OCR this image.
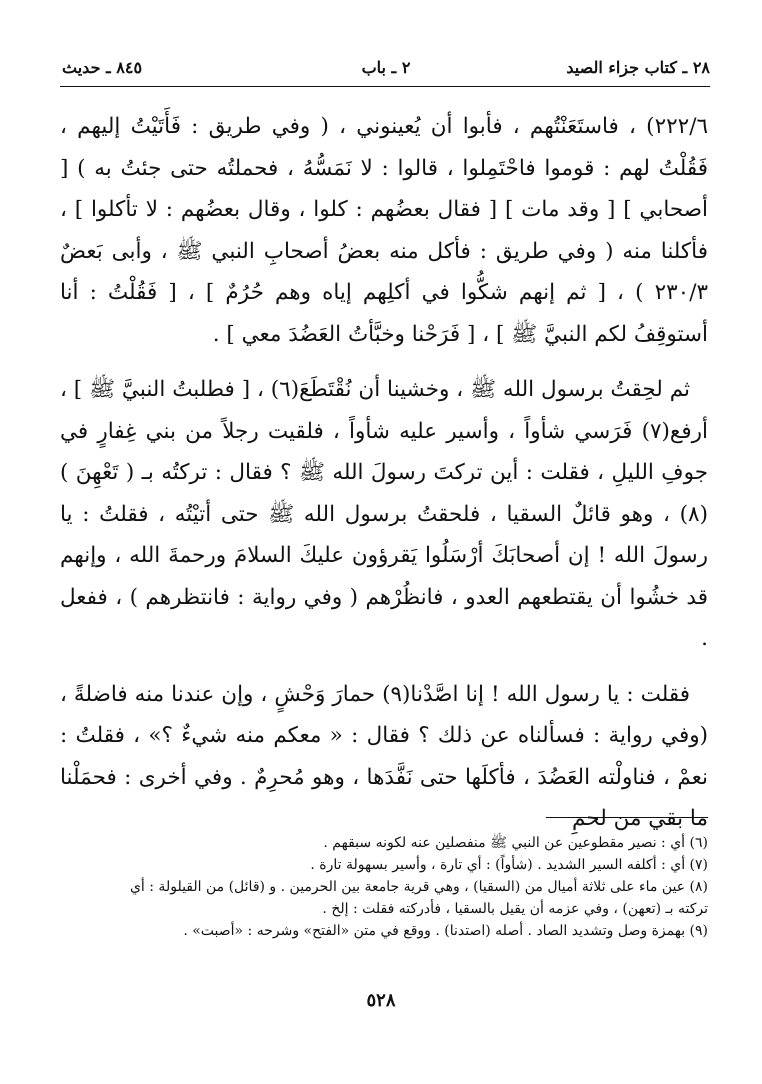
٢٨ ـ كتاب جزاء الصيد
٢ ـ باب
٨٤٥ ـ حديث

٢٢٢/٦) ، فاستَعَنْتُهم ، فأبوا أن يُعينوني ، ( وفي طريق : فَأَتَيْتُ إليهم ، فَقُلْتُ لهم : قوموا فاحْتَمِلوا ، قالوا : لا نَمَسُّهُ ، فحملتُه حتى جئتُ به ) [ أصحابي ] [ وقد مات ] [ فقال بعضُهم : كلوا ، وقال بعضُهم : لا تأكلوا ] ، فأكلنا منه ( وفي طريق : فأكل منه بعضُ أصحابِ النبي ﷺ ، وأبى بَعضٌ ٢٣٠/٣ ) ، [ ثم إنهم شكُّوا في أكلِهم إياه وهم حُرُمٌ ] ، [ فَقُلْتُ : أنا أستوقِفُ لكم النبيَّ ﷺ ] ، [ فَرَحْنا وخبَّأتُ العَضُدَ معي ] .

ثم لحِقتُ برسول الله ﷺ ، وخشينا أن نُقْتَطَعَ(٦) ، [ فطلبتُ النبيَّ ﷺ ] ، أرفع(٧) فَرَسي شأواً ، وأسير عليه شأواً ، فلقيت رجلاً من بني غِفارٍ في جوفِ الليلِ ، فقلت : أين تركتَ رسولَ الله ﷺ ؟ فقال : تركتُه بـ ( تَعْهِنَ )(٨) ، وهو قائلٌ السقيا ، فلحقتُ برسول الله ﷺ حتى أتيْتُه ، فقلتُ : يا رسولَ الله ! إن أصحابَكَ أرْسَلُوا يَقرؤون عليكَ السلامَ ورحمةَ الله ، وإنهم قد خشُوا أن يقتطعهم العدو ، فانظُرْهم ( وفي رواية : فانتظرهم ) ، ففعل .

فقلت : يا رسول الله ! إنا اصَّدْنا(٩) حمارَ وَحْشٍ ، وإن عندنا منه فاضلةً ، (وفي رواية : فسألناه عن ذلك ؟ فقال : « معكم منه شيءٌ ؟» ، فقلتُ : نعمْ ، فناولْته العَضُدَ ، فأكلَها حتى نَفَّدَها ، وهو مُحرِمٌ . وفي أخرى : فحمَلْنا ما بقي من لحمِ

(٦) أي : نصير مقطوعين عن النبي ﷺ منفصلين عنه لكونه سبقهم .
(٧) أي : أكلفه السير الشديد . (شأواً) : أي تارة ، وأسير بسهولة تارة .
(٨) عين ماء على ثلاثة أميال من (السقيا) ، وهي قرية جامعة بين الحرمين . و (قائل) من القيلولة : أي
تركته بـ (تعهن) ، وفي عزمه أن يقيل بالسقيا ، فأدركته فقلت : إلخ .
(٩) بهمزة وصل وتشديد الصاد . أصله (اصتدنا) . ووقع في متن «الفتح» وشرحه : «أصبت» .
٥٢٨
